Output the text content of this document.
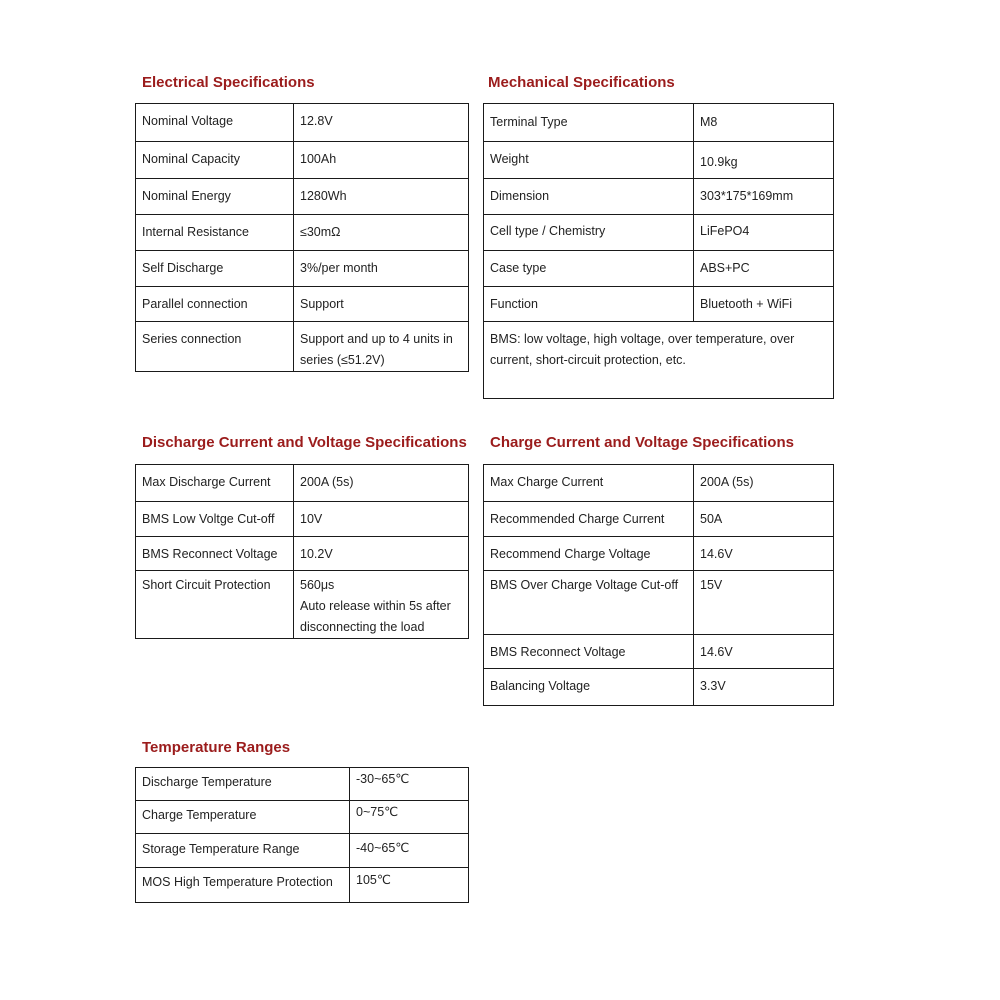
Electrical Specifications
Nominal Voltage	12.8V
Nominal Capacity	100Ah
Nominal Energy	1280Wh
Internal Resistance	≤30mΩ
Self Discharge	3%/per month
Parallel connection	Support
Series connection	Support and up to 4 units in
series (≤51.2V)
Mechanical Specifications
Terminal Type	M8
Weight	10.9kg
Dimension	303*175*169mm
Cell type / Chemistry	LiFePO4
Case type	ABS+PC
Function	Bluetooth + WiFi
BMS: low voltage, high voltage, over temperature, over current, short-circuit protection, etc.	
Discharge Current and Voltage Specifications
Max Discharge Current	200A (5s)
BMS Low Voltge Cut-off	10V
BMS Reconnect Voltage	10.2V
Short Circuit Protection	560μs
Auto release within 5s after
disconnecting the load
Charge Current and Voltage Specifications
Max Charge Current	200A (5s)
Recommended Charge Current	50A
Recommend Charge Voltage	14.6V
BMS Over Charge Voltage Cut-off	15V
BMS Reconnect Voltage	14.6V
Balancing Voltage	3.3V
Temperature Ranges
Discharge Temperature	-30~65℃
Charge Temperature	0~75℃
Storage Temperature Range	-40~65℃
MOS High Temperature Protection	105℃
